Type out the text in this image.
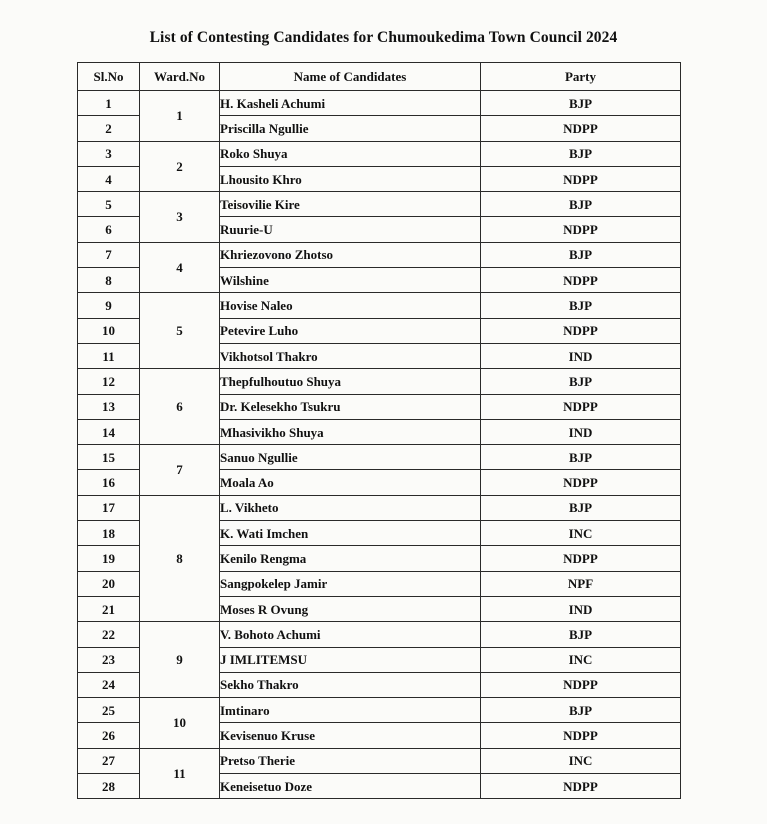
List of Contesting Candidates for Chumoukedima Town Council 2024
Sl.No	Ward.No	Name of Candidates	Party
1	1	H. Kasheli Achumi	BJP
2		Priscilla Ngullie	NDPP
3	2	Roko Shuya	BJP
4		Lhousito Khro	NDPP
5	3	Teisovilie Kire	BJP
6		Ruurie-U	NDPP
7	4	Khriezovono Zhotso	BJP
8		Wilshine	NDPP
9	5	Hovise Naleo	BJP
10		Petevire Luho	NDPP
11		Vikhotsol Thakro	IND
12	6	Thepfulhoutuo Shuya	BJP
13		Dr. Kelesekho Tsukru	NDPP
14		Mhasivikho Shuya	IND
15	7	Sanuo Ngullie	BJP
16		Moala Ao	NDPP
17	8	L. Vikheto	BJP
18		K. Wati Imchen	INC
19		Kenilo Rengma	NDPP
20		Sangpokelep Jamir	NPF
21		Moses R Ovung	IND
22	9	V. Bohoto Achumi	BJP
23		J IMLITEMSU	INC
24		Sekho Thakro	NDPP
25	10	Imtinaro	BJP
26		Kevisenuo Kruse	NDPP
27	11	Pretso Therie	INC
28		Keneisetuo Doze	NDPP
